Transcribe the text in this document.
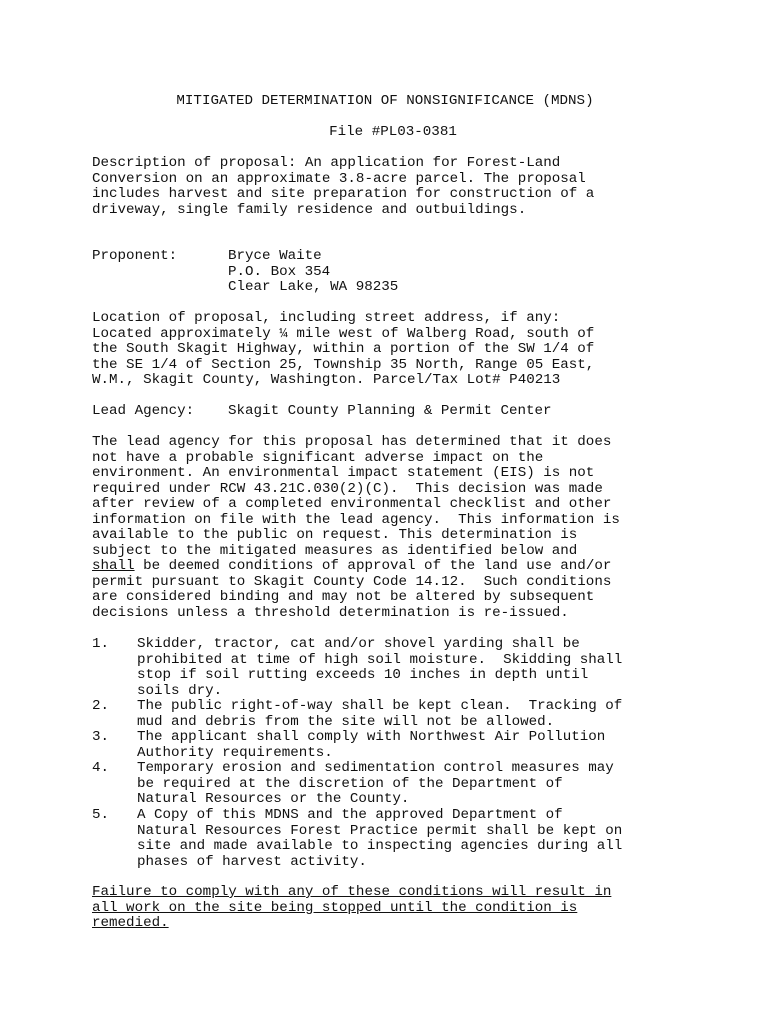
MITIGATED DETERMINATION OF NONSIGNIFICANCE (MDNS)
File #PL03-0381
Description of proposal: An application for Forest-Land
Conversion on an approximate 3.8-acre parcel. The proposal
includes harvest and site preparation for construction of a
driveway, single family residence and outbuildings.
Proponent:	Bryce Waite
P.O. Box 354
Clear Lake, WA 98235
Location of proposal, including street address, if any:
Located approximately ¼ mile west of Walberg Road, south of
the South Skagit Highway, within a portion of the SW 1/4 of
the SE 1/4 of Section 25, Township 35 North, Range 05 East,
W.M., Skagit County, Washington. Parcel/Tax Lot# P40213
Lead Agency: Skagit County Planning & Permit Center
The lead agency for this proposal has determined that it does
not have a probable significant adverse impact on the
environment. An environmental impact statement (EIS) is not
required under RCW 43.21C.030(2)(C).  This decision was made
after review of a completed environmental checklist and other
information on file with the lead agency.  This information is
available to the public on request. This determination is
subject to the mitigated measures as identified below and
shall be deemed conditions of approval of the land use and/or
permit pursuant to Skagit County Code 14.12.  Such conditions
are considered binding and may not be altered by subsequent
decisions unless a threshold determination is re-issued.
1. Skidder, tractor, cat and/or shovel yarding shall be
prohibited at time of high soil moisture.  Skidding shall
stop if soil rutting exceeds 10 inches in depth until
soils dry.
2. The public right-of-way shall be kept clean.  Tracking of
mud and debris from the site will not be allowed.
3. The applicant shall comply with Northwest Air Pollution
Authority requirements.
4. Temporary erosion and sedimentation control measures may
be required at the discretion of the Department of
Natural Resources or the County.
5. A Copy of this MDNS and the approved Department of
Natural Resources Forest Practice permit shall be kept on
site and made available to inspecting agencies during all
phases of harvest activity.
Failure to comply with any of these conditions will result in
all work on the site being stopped until the condition is
remedied.
